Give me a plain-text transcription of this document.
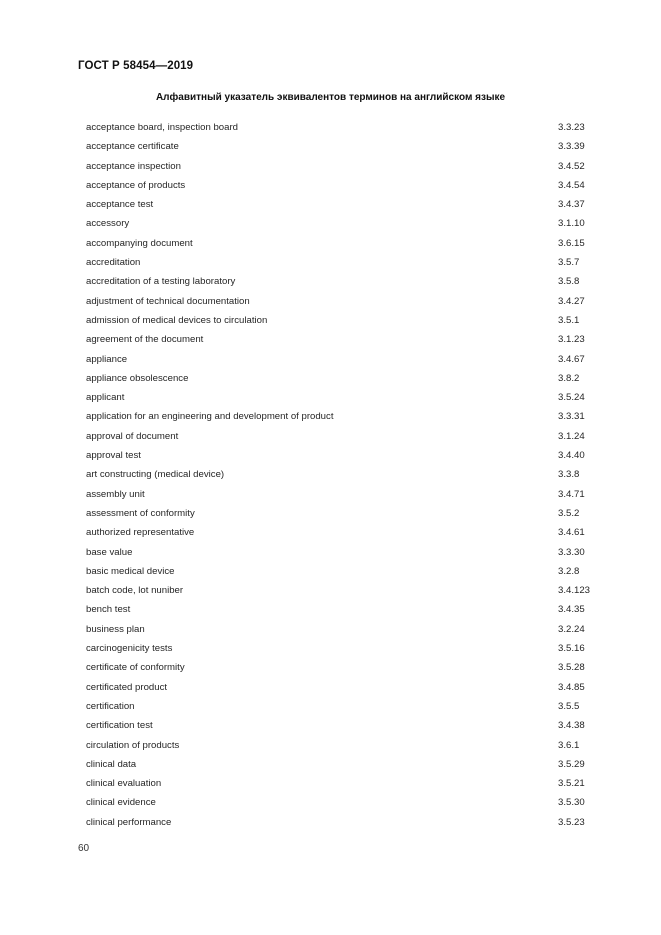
ГОСТ Р 58454—2019
Алфавитный указатель эквивалентов терминов на английском языке
acceptance board, inspection board	3.3.23
acceptance certificate	3.3.39
acceptance inspection	3.4.52
acceptance of products	3.4.54
acceptance test	3.4.37
accessory	3.1.10
accompanying document	3.6.15
accreditation	3.5.7
accreditation of a testing laboratory	3.5.8
adjustment of technical documentation	3.4.27
admission of medical devices to circulation	3.5.1
agreement of the document	3.1.23
appliance	3.4.67
appliance obsolescence	3.8.2
applicant	3.5.24
application for an engineering and development of product	3.3.31
approval of document	3.1.24
approval test	3.4.40
art constructing (medical device)	3.3.8
assembly unit	3.4.71
assessment of conformity	3.5.2
authorized representative	3.4.61
base value	3.3.30
basic medical device	3.2.8
batch code, lot nuniber	3.4.123
bench test	3.4.35
business plan	3.2.24
carcinogenicity tests	3.5.16
certificate of conformity	3.5.28
certificated product	3.4.85
certification	3.5.5
certification test	3.4.38
circulation of products	3.6.1
clinical data	3.5.29
clinical evaluation	3.5.21
clinical evidence	3.5.30
clinical performance	3.5.23
60
